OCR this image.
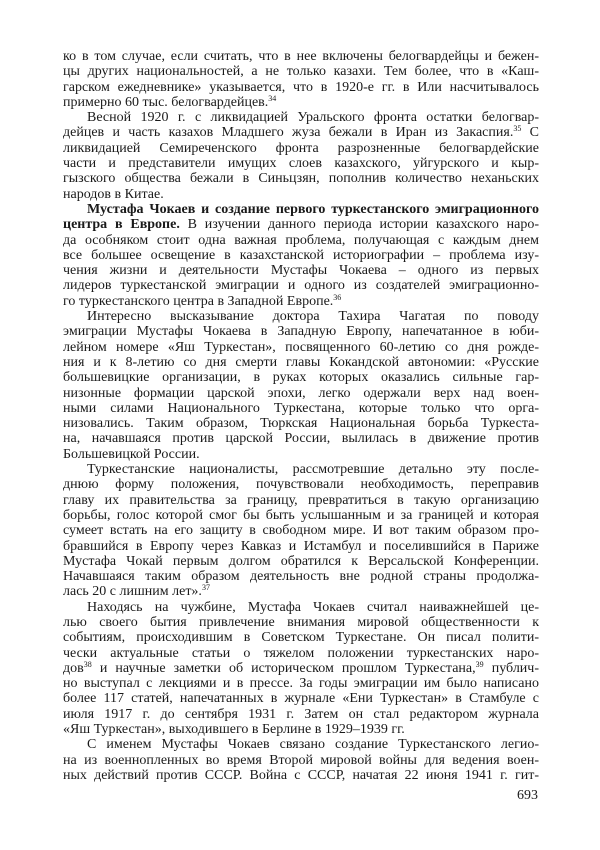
ко в том случае, если считать, что в нее включены белогвардейцы и бежен-
цы других национальностей, а не только казахи. Тем более, что в «Каш-
гарском ежедневнике» указывается, что в 1920-е гг. в Или насчитывалось
примерно 60 тыс. белогвардейцев.$^{34}$
Весной 1920 г. с ликвидацией Уральского фронта остатки белогвар-
дейцев и часть казахов Младшего жуза бежали в Иран из Закаспия.$^{35}$ С
ликвидацией Семиреченского фронта разрозненные белогвардейские
части и представители имущих слоев казахского, уйгурского и кыр-
гызского общества бежали в Синьцзян, пополнив количество неханьских
народов в Китае.
Мустафа Чокаев и создание первого туркестанского эмиграционного
центра в Европе. В изучении данного периода истории казахского наро-
да особняком стоит одна важная проблема, получающая с каждым днем
все большее освещение в казахстанской историографии – проблема изу-
чения жизни и деятельности Мустафы Чокаева – одного из первых
лидеров туркестанской эмиграции и одного из создателей эмиграционно-
го туркестанского центра в Западной Европе.$^{36}$
Интересно высказывание доктора Тахира Чагатая по поводу
эмиграции Мустафы Чокаева в Западную Европу, напечатанное в юби-
лейном номере «Яш Туркестан», посвященного 60-летию со дня рожде-
ния и к 8-летию со дня смерти главы Кокандской автономии: «Русские
большевицкие организации, в руках которых оказались сильные гар-
низонные формации царской эпохи, легко одержали верх над воен-
ными силами Национального Туркестана, которые только что орга-
низовались. Таким образом, Тюркская Национальная борьба Туркеста-
на, начавшаяся против царской России, вылилась в движение против
Большевицкой России.
Туркестанские националисты, рассмотревшие детально эту после-
днюю форму положения, почувствовали необходимость, переправив
главу их правительства за границу, превратиться в такую организацию
борьбы, голос которой смог бы быть услышанным и за границей и которая
сумеет встать на его защиту в свободном мире. И вот таким образом про-
бравшийся в Европу через Кавказ и Истамбул и поселившийся в Париже
Мустафа Чокай первым долгом обратился к Версальской Конференции.
Начавшаяся таким образом деятельность вне родной страны продолжа-
лась 20 с лишним лет».$^{37}$
Находясь на чужбине, Мустафа Чокаев считал наиважнейшей це-
лью своего бытия привлечение внимания мировой общественности к
событиям, происходившим в Советском Туркестане. Он писал полити-
чески актуальные статьи о тяжелом положении туркестанских наро-
дов$^{38}$ и научные заметки об историческом прошлом Туркестана,$^{39}$ публич-
но выступал с лекциями и в прессе. За годы эмиграции им было написано
более 117 статей, напечатанных в журнале «Ени Туркестан» в Стамбуле с
июля 1917 г. до сентября 1931 г. Затем он стал редактором журнала
«Яш Туркестан», выходившего в Берлине в 1929–1939 гг.
С именем Мустафы Чокаев связано создание Туркестанского легио-
на из военнопленных во время Второй мировой войны для ведения воен-
ных действий против СССР. Война с СССР, начатая 22 июня 1941 г. гит-
693
